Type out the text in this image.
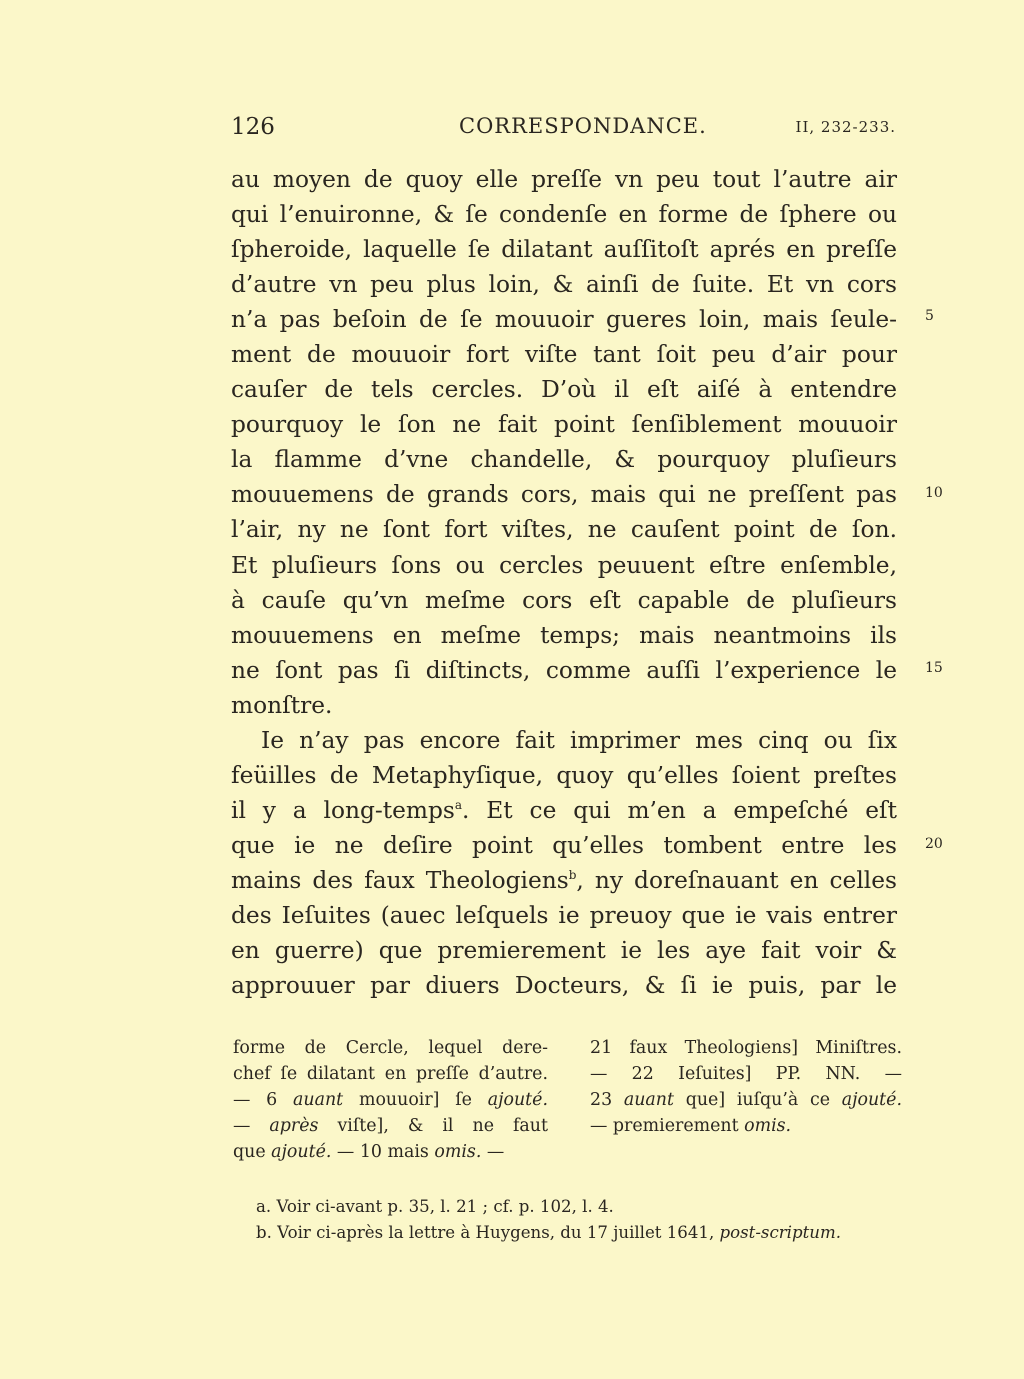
126	CORRESPONDANCE.	II, 232-233.
au moyen de quoy elle preſſe vn peu tout l’autre air
qui l’enuironne, & ſe condenſe en forme de ſphere ou
ſpheroide, laquelle ſe dilatant auſſitoſt aprés en preſſe
d’autre vn peu plus loin, & ainſi de ſuite. Et vn cors
n’a pas beſoin de ſe mouuoir gueres loin, mais ſeule-
ment de mouuoir fort viſte tant ſoit peu d’air pour
cauſer de tels cercles. D’où il eſt aiſé à entendre
pourquoy le ſon ne fait point ſenſiblement mouuoir
la flamme d’vne chandelle, & pourquoy pluſieurs
mouuemens de grands cors, mais qui ne preſſent pas
l’air, ny ne ſont fort viſtes, ne cauſent point de ſon.
Et pluſieurs ſons ou cercles peuuent eſtre enſemble,
à cauſe qu’vn meſme cors eſt capable de pluſieurs
mouuemens en meſme temps; mais neantmoins ils
ne ſont pas ſi diſtincts, comme auſſi l’experience le
monſtre.
Ie n’ay pas encore fait imprimer mes cinq ou ſix
feüilles de Metaphyſique, quoy qu’elles ſoient preſtes
il y a long-temps$^a$. Et ce qui m’en a empeſché eſt
que ie ne deſire point qu’elles tombent entre les
mains des faux Theologiens$^b$, ny doreſnauant en celles
des Ieſuites (auec leſquels ie preuoy que ie vais entrer
en guerre) que premierement ie les aye fait voir &
approuuer par diuers Docteurs, & ſi ie puis, par le
5
10
15
20
forme de Cercle, lequel dere-
chef ſe dilatant en preſſe d’autre.
— 6 auant mouuoir] ſe ajouté.
— après viſte], & il ne faut
que ajouté. — 10 mais omis. —
21 faux Theologiens] Miniſtres.
— 22 Ieſuites] PP. NN. —
23 auant que] iuſqu’à ce ajouté.
— premierement omis.
a. Voir ci-avant p. 35, l. 21 ; cf. p. 102, l. 4.
b. Voir ci-après la lettre à Huygens, du 17 juillet 1641, post-scriptum.
